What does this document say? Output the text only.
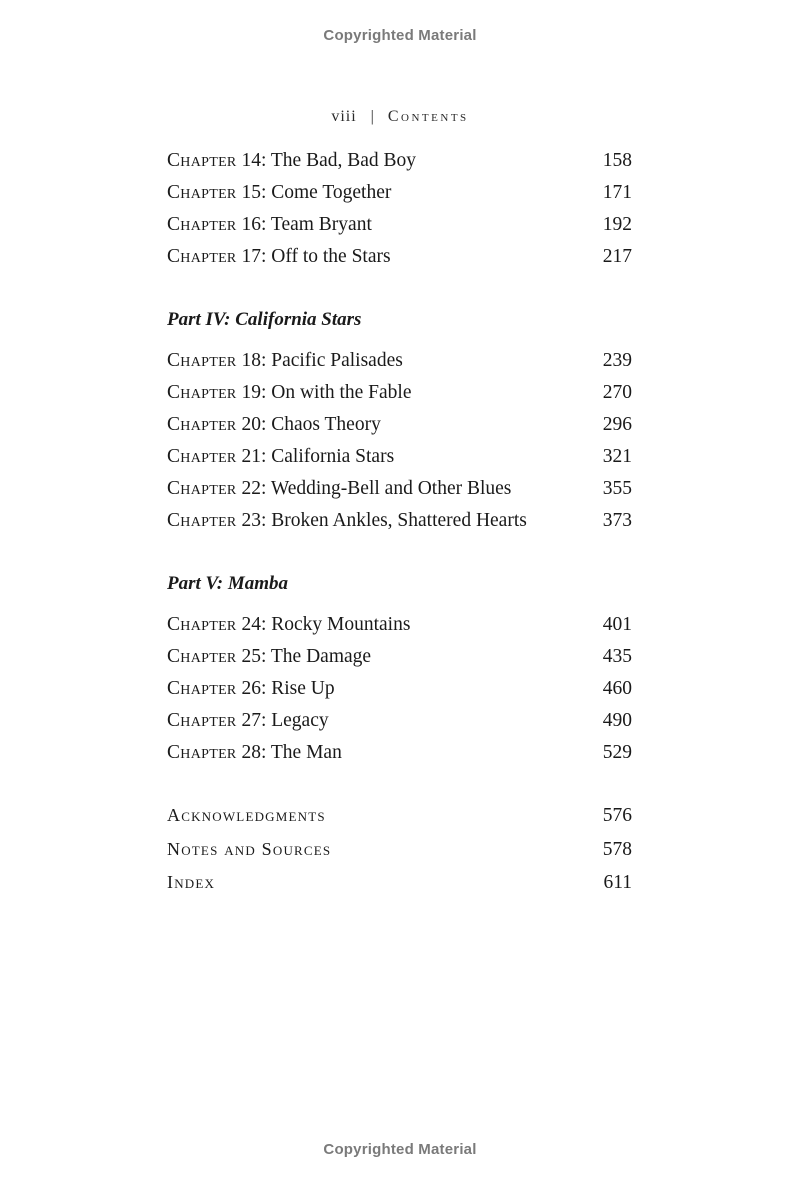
Copyrighted Material
viii | Contents
Chapter 14: The Bad, Bad Boy	158
Chapter 15: Come Together	171
Chapter 16: Team Bryant	192
Chapter 17: Off to the Stars	217
Part IV: California Stars
Chapter 18: Pacific Palisades	239
Chapter 19: On with the Fable	270
Chapter 20: Chaos Theory	296
Chapter 21: California Stars	321
Chapter 22: Wedding-Bell and Other Blues	355
Chapter 23: Broken Ankles, Shattered Hearts	373
Part V: Mamba
Chapter 24: Rocky Mountains	401
Chapter 25: The Damage	435
Chapter 26: Rise Up	460
Chapter 27: Legacy	490
Chapter 28: The Man	529
Acknowledgments	576
Notes and Sources	578
Index	611
Copyrighted Material
